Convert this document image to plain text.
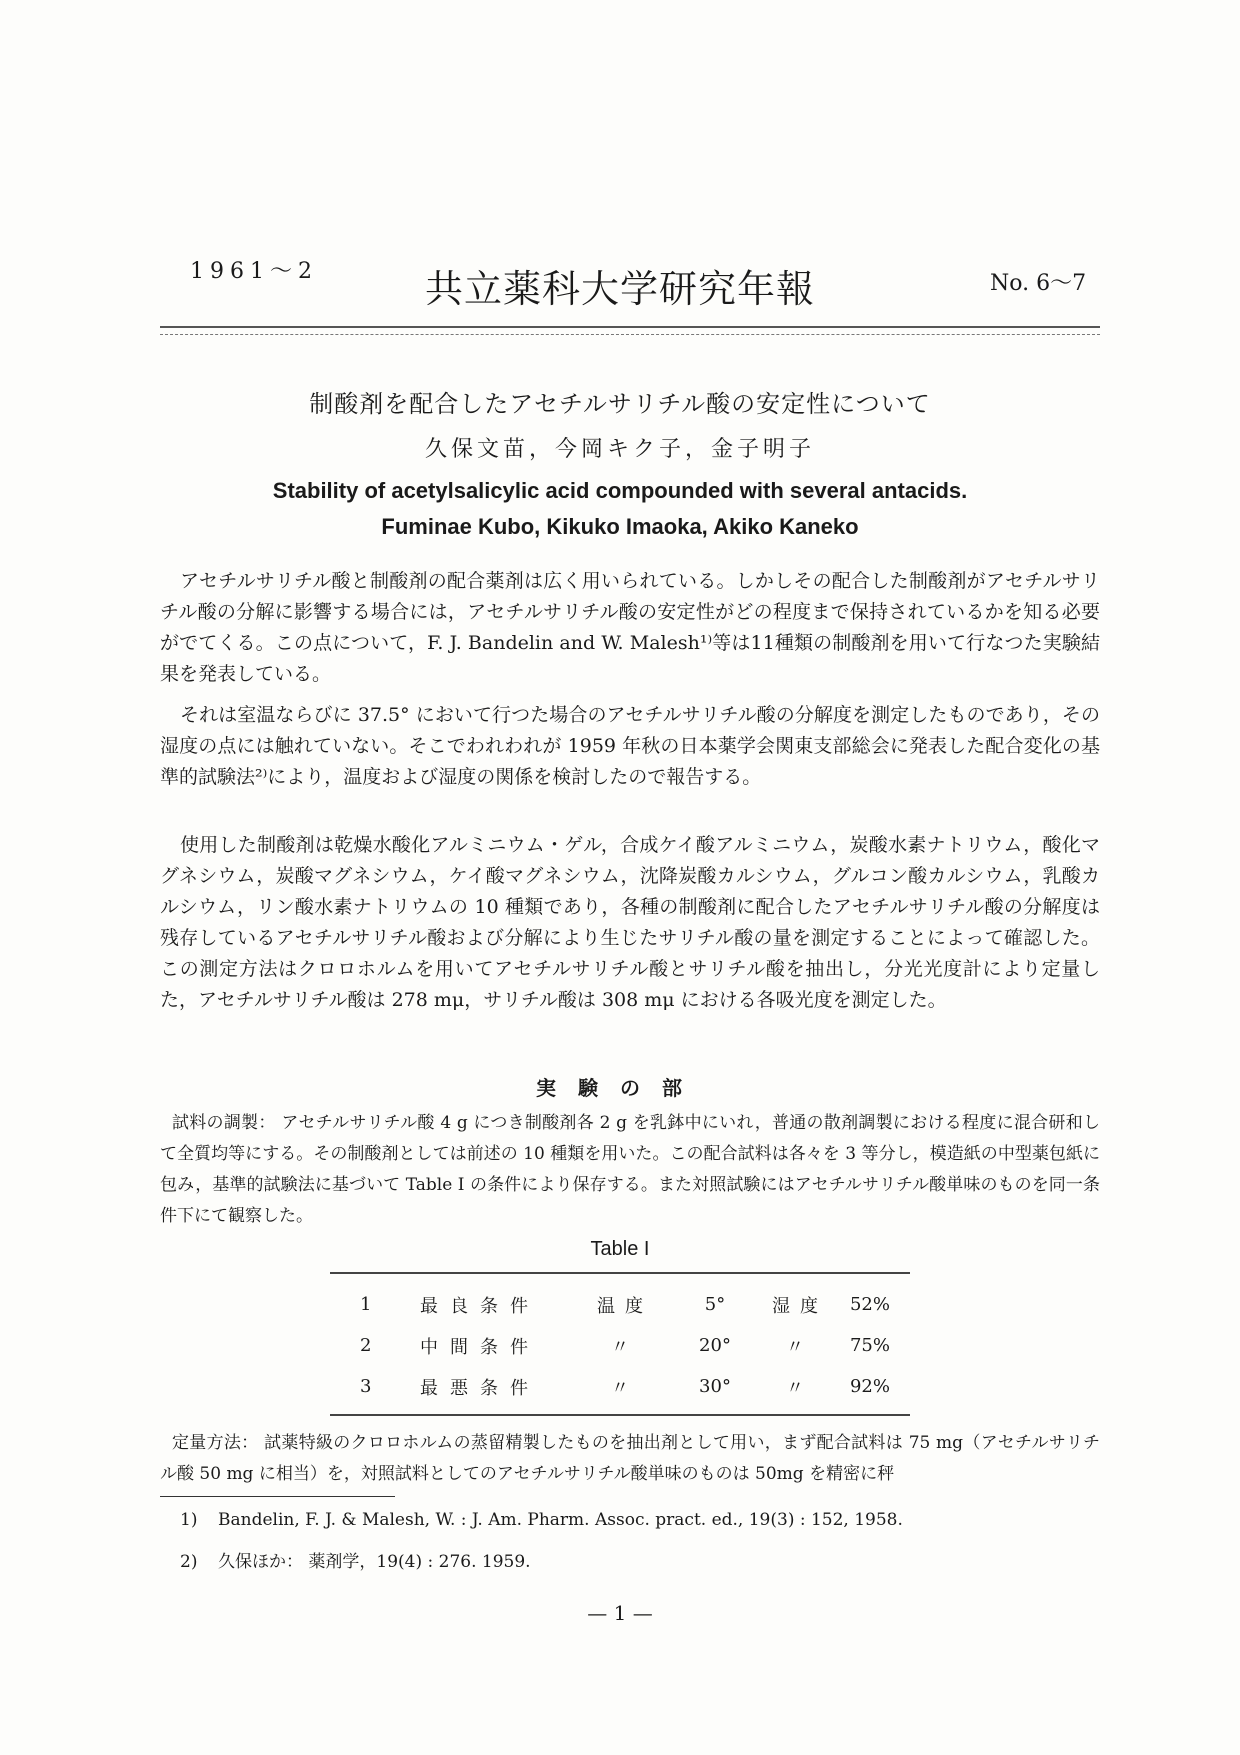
1961～2	共立薬科大学研究年報	No. 6～7
制酸剤を配合したアセチルサリチル酸の安定性について
久保文苗，今岡キク子，金子明子
Stability of acetylsalicylic acid compounded with several antacids.
Fuminae Kubo, Kikuko Imaoka, Akiko Kaneko

アセチルサリチル酸と制酸剤の配合薬剤は広く用いられている。しかしその配合した制酸剤がアセチルサリチル酸の分解に影響する場合には，アセチルサリチル酸の安定性がどの程度まで保持されているかを知る必要がでてくる。この点について，F. J. Bandelin and W. Malesh¹⁾等は11種類の制酸剤を用いて行なつた実験結果を発表している。

それは室温ならびに 37.5° において行つた場合のアセチルサリチル酸の分解度を測定したものであり，その湿度の点には触れていない。そこでわれわれが 1959 年秋の日本薬学会関東支部総会に発表した配合変化の基準的試験法²⁾により，温度および湿度の関係を検討したので報告する。

使用した制酸剤は乾燥水酸化アルミニウム・ゲル，合成ケイ酸アルミニウム，炭酸水素ナトリウム，酸化マグネシウム，炭酸マグネシウム，ケイ酸マグネシウム，沈降炭酸カルシウム，グルコン酸カルシウム，乳酸カルシウム，リン酸水素ナトリウムの 10 種類であり，各種の制酸剤に配合したアセチルサリチル酸の分解度は残存しているアセチルサリチル酸および分解により生じたサリチル酸の量を測定することによって確認した。この測定方法はクロロホルムを用いてアセチルサリチル酸とサリチル酸を抽出し，分光光度計により定量した，アセチルサリチル酸は 278 mμ，サリチル酸は 308 mμ における各吸光度を測定した。

実験の部

試料の調製： アセチルサリチル酸 4 g につき制酸剤各 2 g を乳鉢中にいれ，普通の散剤調製における程度に混合研和して全質均等にする。その制酸剤としては前述の 10 種類を用いた。この配合試料は各々を 3 等分し，模造紙の中型薬包紙に包み，基準的試験法に基づいて Table I の条件により保存する。また対照試験にはアセチルサリチル酸単味のものを同一条件下にて観察した。

Table I
1	最良条件	温度	5°	湿度	52%
2	中間条件	〃	20°	〃	75%
3	最悪条件	〃	30°	〃	92%

定量方法： 試薬特級のクロロホルムの蒸留精製したものを抽出剤として用い，まず配合試料は 75 mg（アセチルサリチル酸 50 mg に相当）を，対照試料としてのアセチルサリチル酸単味のものは 50mg を精密に秤

1) Bandelin, F. J. & Malesh, W. : J. Am. Pharm. Assoc. pract. ed., 19(3) : 152, 1958.
2) 久保ほか： 薬剤学，19(4) : 276. 1959.
— 1 —
